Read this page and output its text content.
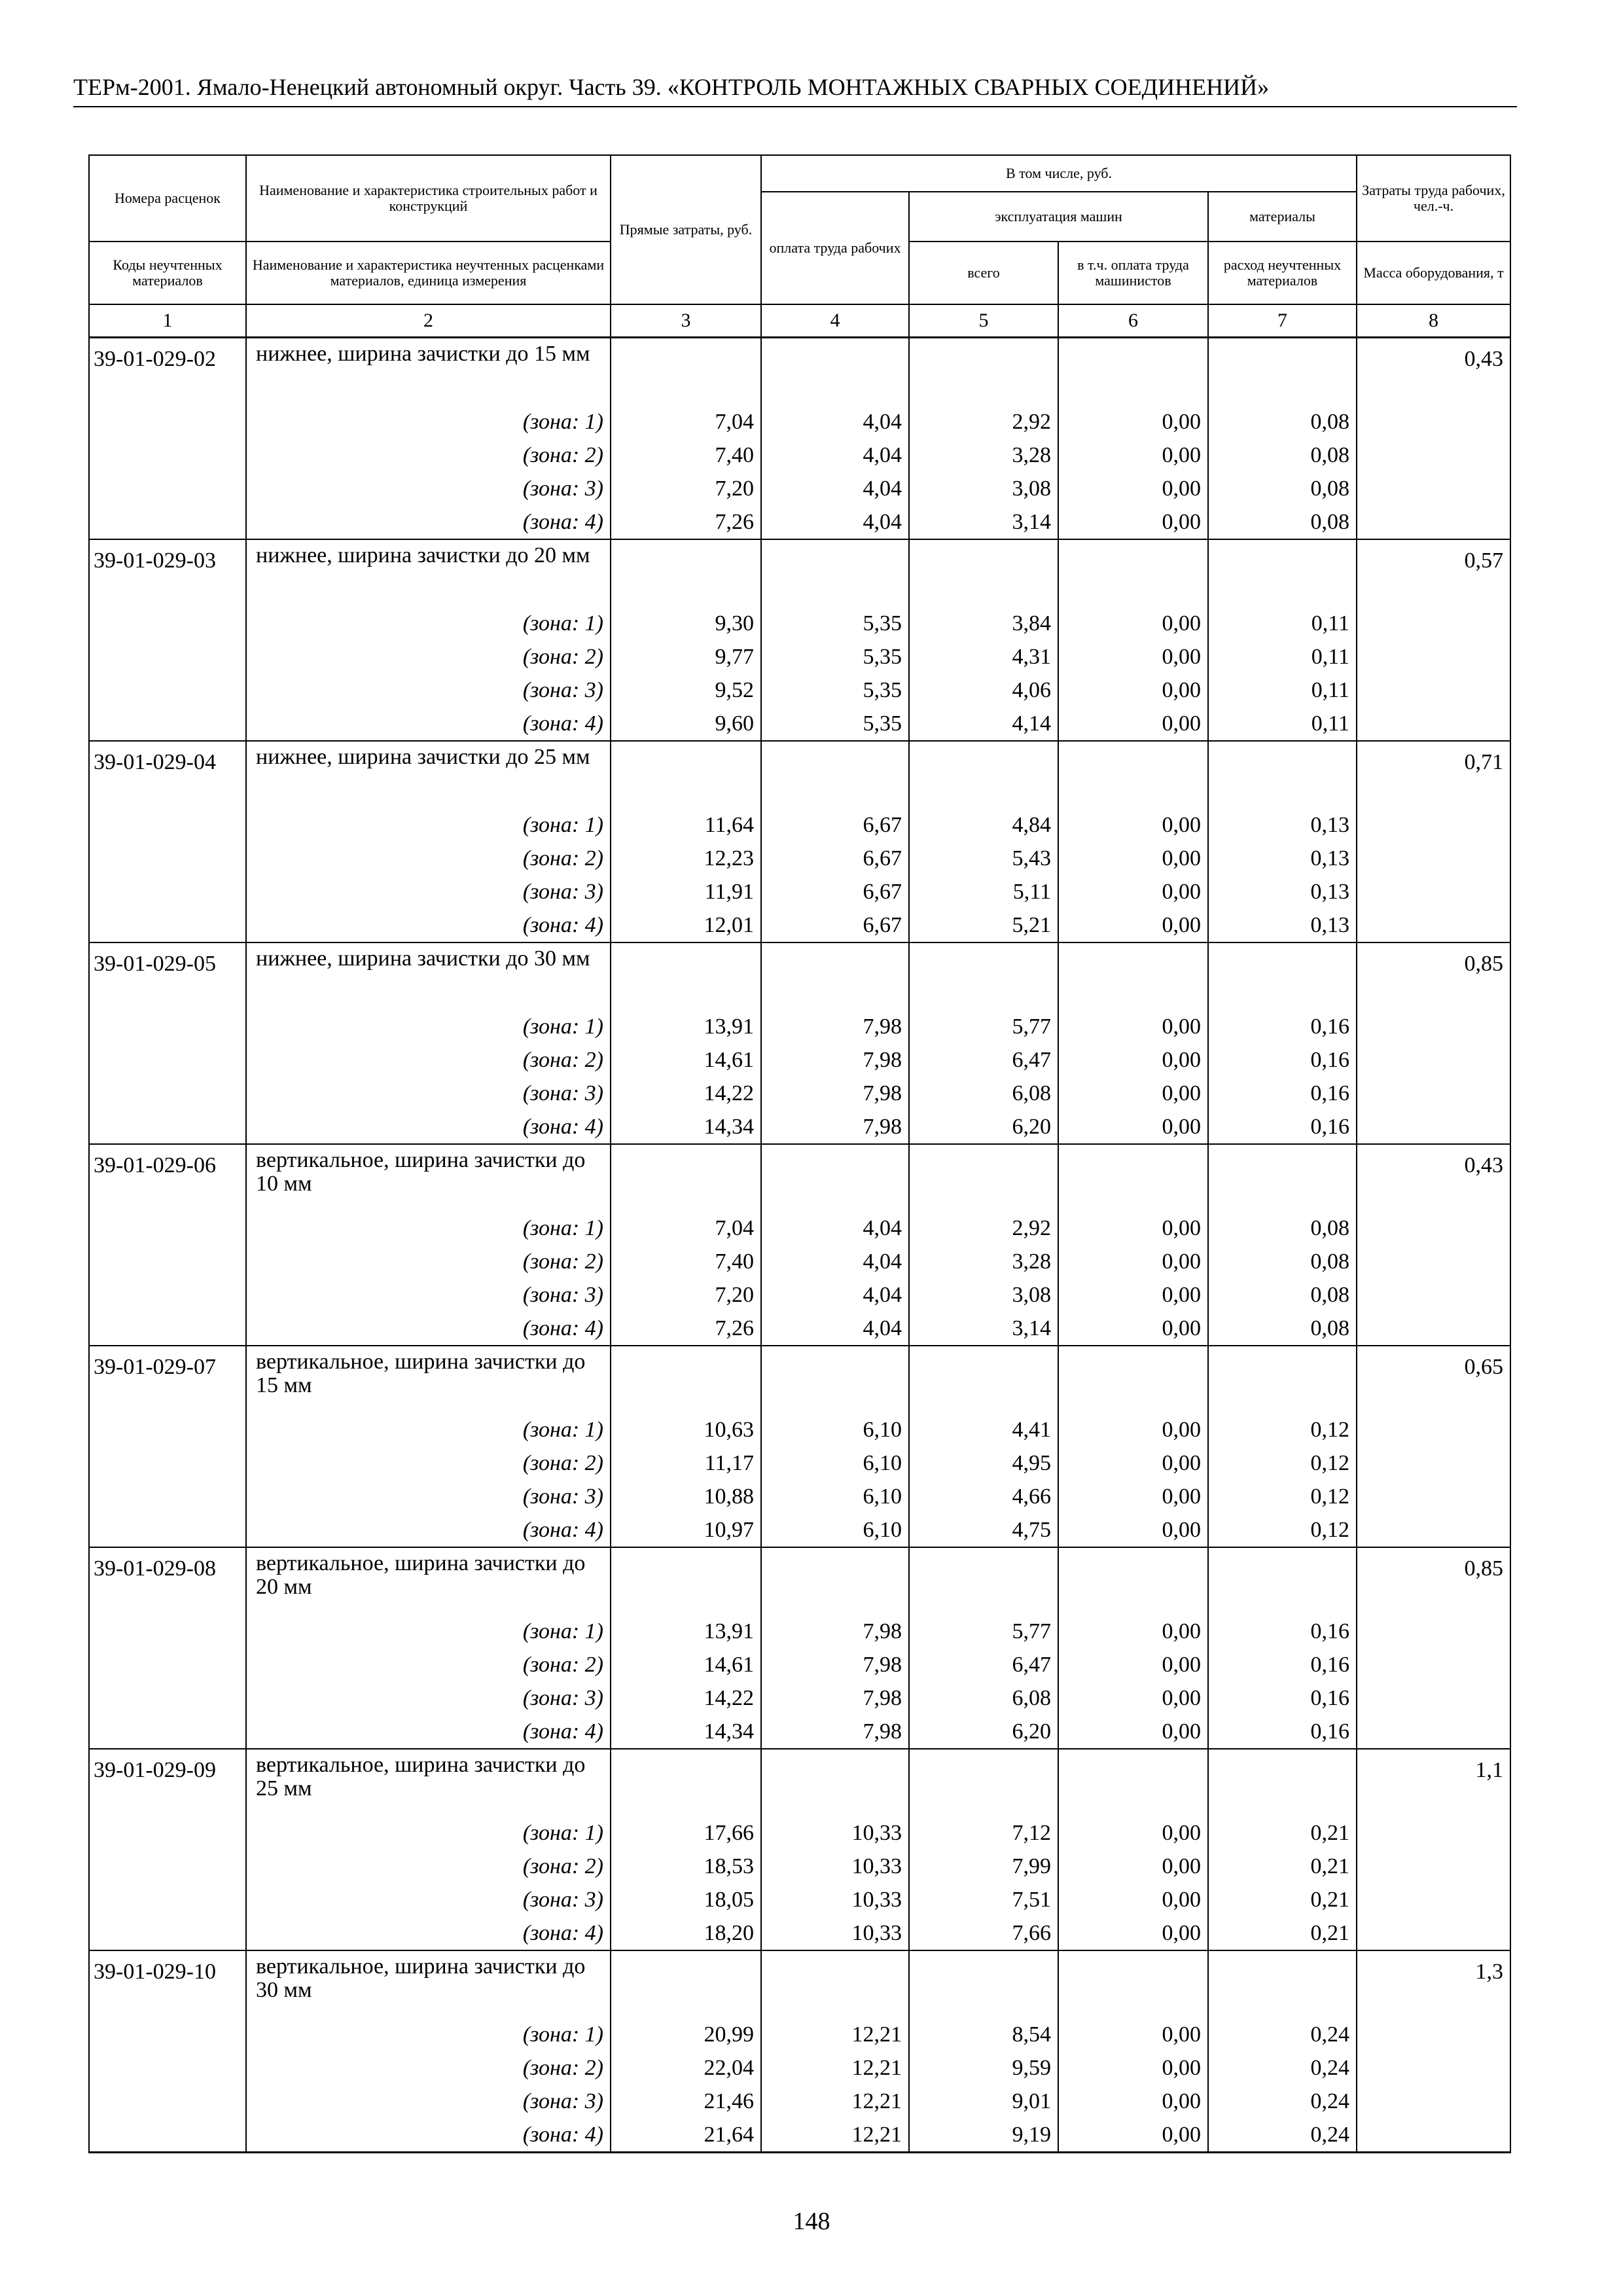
ТЕРм-2001. Ямало-Ненецкий автономный округ. Часть 39. «КОНТРОЛЬ МОНТАЖНЫХ СВАРНЫХ СОЕДИНЕНИЙ»
Номера расценок	Наименование и характеристика строительных работ и конструкций	Прямые затраты, руб.	В том числе, руб.				Затраты труда рабочих, чел.-ч.
			оплата труда рабочих	эксплуатация машин		материалы	
Коды неучтенных материалов	Наименование и характеристика неучтенных расценками материалов, единица измерения			всего	в т.ч. оплата труда машинистов	расход неучтенных материалов	Масса оборудования, т
1	2	3	4	5	6	7	8
39-01-029-02	нижнее, ширина зачистки до 15 мм						0,43
	(зона: 1)	7,04	4,04	2,92	0,00	0,08	
	(зона: 2)	7,40	4,04	3,28	0,00	0,08	
	(зона: 3)	7,20	4,04	3,08	0,00	0,08	
	(зона: 4)	7,26	4,04	3,14	0,00	0,08	
39-01-029-03	нижнее, ширина зачистки до 20 мм						0,57
	(зона: 1)	9,30	5,35	3,84	0,00	0,11	
	(зона: 2)	9,77	5,35	4,31	0,00	0,11	
	(зона: 3)	9,52	5,35	4,06	0,00	0,11	
	(зона: 4)	9,60	5,35	4,14	0,00	0,11	
39-01-029-04	нижнее, ширина зачистки до 25 мм						0,71
	(зона: 1)	11,64	6,67	4,84	0,00	0,13	
	(зона: 2)	12,23	6,67	5,43	0,00	0,13	
	(зона: 3)	11,91	6,67	5,11	0,00	0,13	
	(зона: 4)	12,01	6,67	5,21	0,00	0,13	
39-01-029-05	нижнее, ширина зачистки до 30 мм						0,85
	(зона: 1)	13,91	7,98	5,77	0,00	0,16	
	(зона: 2)	14,61	7,98	6,47	0,00	0,16	
	(зона: 3)	14,22	7,98	6,08	0,00	0,16	
	(зона: 4)	14,34	7,98	6,20	0,00	0,16	
39-01-029-06	вертикальное, ширина зачистки до 10 мм						0,43
	(зона: 1)	7,04	4,04	2,92	0,00	0,08	
	(зона: 2)	7,40	4,04	3,28	0,00	0,08	
	(зона: 3)	7,20	4,04	3,08	0,00	0,08	
	(зона: 4)	7,26	4,04	3,14	0,00	0,08	
39-01-029-07	вертикальное, ширина зачистки до 15 мм						0,65
	(зона: 1)	10,63	6,10	4,41	0,00	0,12	
	(зона: 2)	11,17	6,10	4,95	0,00	0,12	
	(зона: 3)	10,88	6,10	4,66	0,00	0,12	
	(зона: 4)	10,97	6,10	4,75	0,00	0,12	
39-01-029-08	вертикальное, ширина зачистки до 20 мм						0,85
	(зона: 1)	13,91	7,98	5,77	0,00	0,16	
	(зона: 2)	14,61	7,98	6,47	0,00	0,16	
	(зона: 3)	14,22	7,98	6,08	0,00	0,16	
	(зона: 4)	14,34	7,98	6,20	0,00	0,16	
39-01-029-09	вертикальное, ширина зачистки до 25 мм						1,1
	(зона: 1)	17,66	10,33	7,12	0,00	0,21	
	(зона: 2)	18,53	10,33	7,99	0,00	0,21	
	(зона: 3)	18,05	10,33	7,51	0,00	0,21	
	(зона: 4)	18,20	10,33	7,66	0,00	0,21	
39-01-029-10	вертикальное, ширина зачистки до 30 мм						1,3
	(зона: 1)	20,99	12,21	8,54	0,00	0,24	
	(зона: 2)	22,04	12,21	9,59	0,00	0,24	
	(зона: 3)	21,46	12,21	9,01	0,00	0,24	
	(зона: 4)	21,64	12,21	9,19	0,00	0,24	
148
